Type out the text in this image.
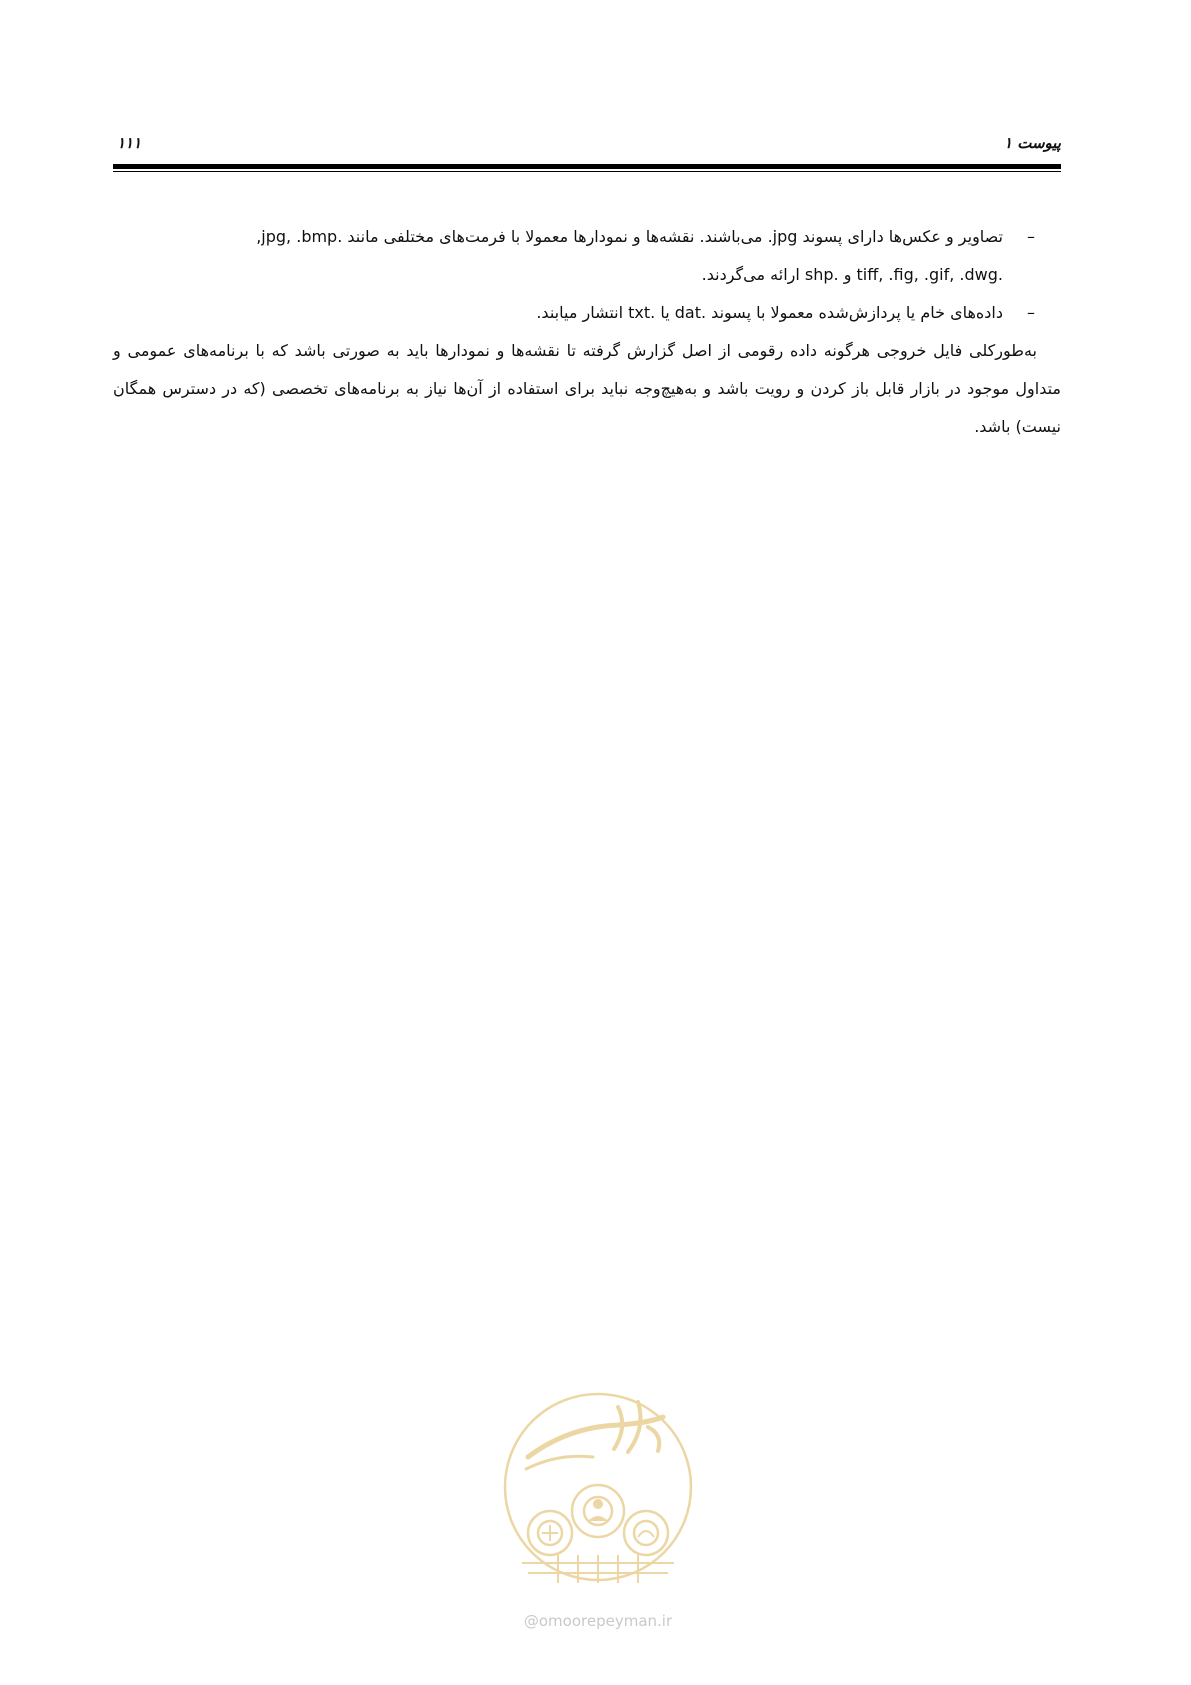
پیوست ۱
۱۱۱
–
تصاویر و عکس‌ها دارای پسوند jpg. می‌باشند. نقشه‌ها و نمودارها معمولا با فرمت‌های مختلفی مانند .jpg, .bmp,
.tiff, .fig, .gif, .dwg و .shp ارائه می‌گردند.
–
داده‌های خام یا پردازش‌شده معمولا با پسوند .dat یا .txt انتشار میابند.

به‌طورکلی فایل خروجی هرگونه داده رقومی از اصل گزارش گرفته تا نقشه‌ها و نمودارها باید به صورتی باشد که با برنامه‌های عمومی و متداول موجود در بازار قابل باز کردن و رویت باشد و به‌هیچ‌وجه نباید برای استفاده از آن‌ها نیاز به برنامه‌های تخصصی (که در دسترس همگان نیست) باشد.

@omoorepeyman.ir
